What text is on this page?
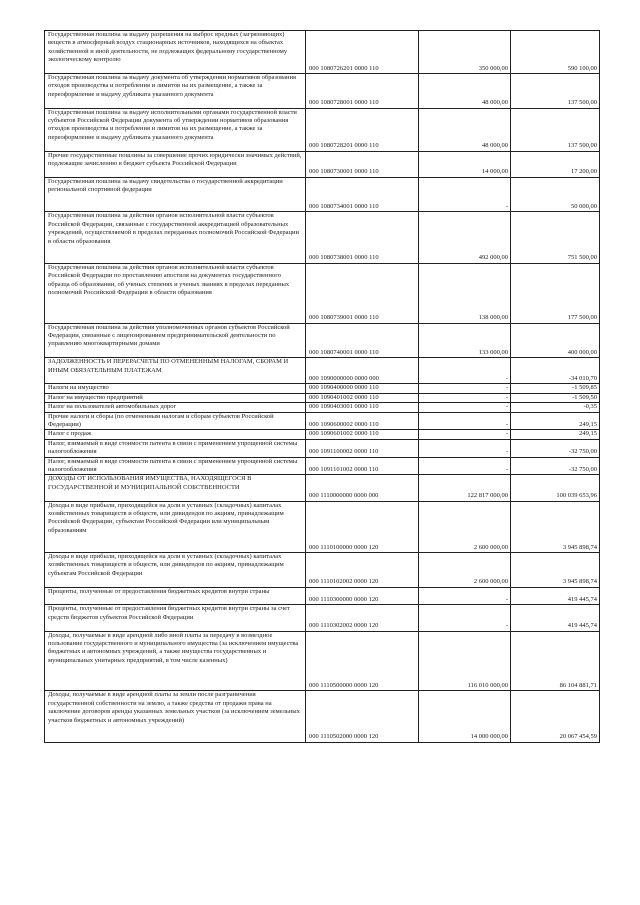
Государственная пошлина за выдачу разрешения на выброс вредных (загрязняющих) веществ в атмосферный воздух стационарных источников, находящихся на объектах хозяйственной и иной деятельности, не подлежащих федеральному государственному экологическому контролю	000 1080726201 0000 110	350 000,00	590 100,00
Государственная пошлина за выдачу документа об утверждении нормативов образования отходов производства и потребления и лимитов на их размещение, а также за переоформление и выдачу дубликата указанного документа	000 1080728001 0000 110	48 000,00	137 500,00
Государственная пошлина за выдачу исполнительными органами государственной власти субъектов Российской Федерации документа об утверждении нормативов образования отходов производства и потребления и лимитов на их размещение, а также за переоформление и выдачу дубликата указанного документа	000 1080728201 0000 110	48 000,00	137 500,00
Прочие государственные пошлины за совершение прочих юридически значимых действий, подлежащие зачислению в бюджет субъекта Российской Федерации	000 1080730001 0000 110	14 000,00	17 200,00
Государственная пошлина за выдачу свидетельства о государственной аккредитации региональной спортивной федерации	000 1080734001 0000 110	-	50 000,00
Государственная пошлина за действия органов исполнительной власти субъектов Российской Федерации, связанные с государственной аккредитацией образовательных учреждений, осуществляемой в пределах переданных полномочий Российской Федерации в области образования	000 1080738001 0000 110	492 000,00	751 500,00
Государственная пошлина за действия органов исполнительной власти субъектов Российской Федерации по проставлению апостиля на документах государственного образца об образовании, об ученых степенях и ученых званиях в пределах переданных полномочий Российской Федерации в области образования	000 1080739001 0000 110	138 000,00	177 500,00
Государственная пошлина за действия уполномоченных органов субъектов Российской Федерации, связанные с лицензированием предпринимательской деятельности по управлению многоквартирными домами	000 1080740001 0000 110	133 000,00	400 000,00
ЗАДОЛЖЕННОСТЬ И ПЕРЕРАСЧЕТЫ ПО ОТМЕНЕННЫМ НАЛОГАМ, СБОРАМ И ИНЫМ ОБЯЗАТЕЛЬНЫМ ПЛАТЕЖАМ	000 1090000000 0000 000	-	-34 010,70
Налоги на имущество	000 1090400000 0000 110	-	-1 509,85
Налог на имущество предприятий	000 1090401002 0000 110	-	-1 509,50
Налог на пользователей автомобильных дорог	000 1090403001 0000 110	-	-0,35
Прочие налоги и сборы (по отмененным налогам и сборам субъектов Российской Федерации)	000 1090600002 0000 110	-	249,15
Налог с продаж	000 1090601002 0000 110	-	249,15
Налог, взимаемый в виде стоимости патента в связи с применением упрощенной системы налогообложения	000 1091100002 0000 110	-	-32 750,00
Налог, взимаемый в виде стоимости патента в связи с применением упрощенной системы налогообложения	000 1091101002 0000 110	-	-32 750,00
ДОХОДЫ ОТ ИСПОЛЬЗОВАНИЯ ИМУЩЕСТВА, НАХОДЯЩЕГОСЯ В ГОСУДАРСТВЕННОЙ И МУНИЦИПАЛЬНОЙ СОБСТВЕННОСТИ	000 1110000000 0000 000	122 817 000,00	100 039 653,96
Доходы в виде прибыли, приходящейся на доли в уставных (складочных) капиталах хозяйственных товариществ и обществ, или дивидендов по акциям, принадлежащим Российской Федерации, субъектам Российской Федерации или муниципальным образованиям	000 1110100000 0000 120	2 600 000,00	3 945 898,74
Доходы в виде прибыли, приходящейся на доли в уставных (складочных) капиталах хозяйственных товариществ и обществ, или дивидендов по акциям, принадлежащим субъектам Российской Федерации	000 1110102002 0000 120	2 600 000,00	3 945 898,74
Проценты, полученные от предоставления бюджетных кредитов внутри страны	000 1110300000 0000 120	-	419 445,74
Проценты, полученные от предоставления бюджетных кредитов внутри страны за счет средств бюджетов субъектов Российской Федерации	000 1110302002 0000 120	-	419 445,74
Доходы, получаемые в виде арендной либо иной платы за передачу в возмездное пользование государственного и муниципального имущества (за исключением имущества бюджетных и автономных учреждений, а также имущества государственных и муниципальных унитарных предприятий, в том числе казенных)	000 1110500000 0000 120	116 010 000,00	86 104 881,71
Доходы, получаемые в виде арендной платы за земли после разграничения государственной собственности на землю, а также средства от продажи права на заключение договоров аренды указанных земельных участков (за исключением земельных участков бюджетных и автономных учреждений)	000 1110502000 0000 120	14 000 000,00	20 067 454,59
